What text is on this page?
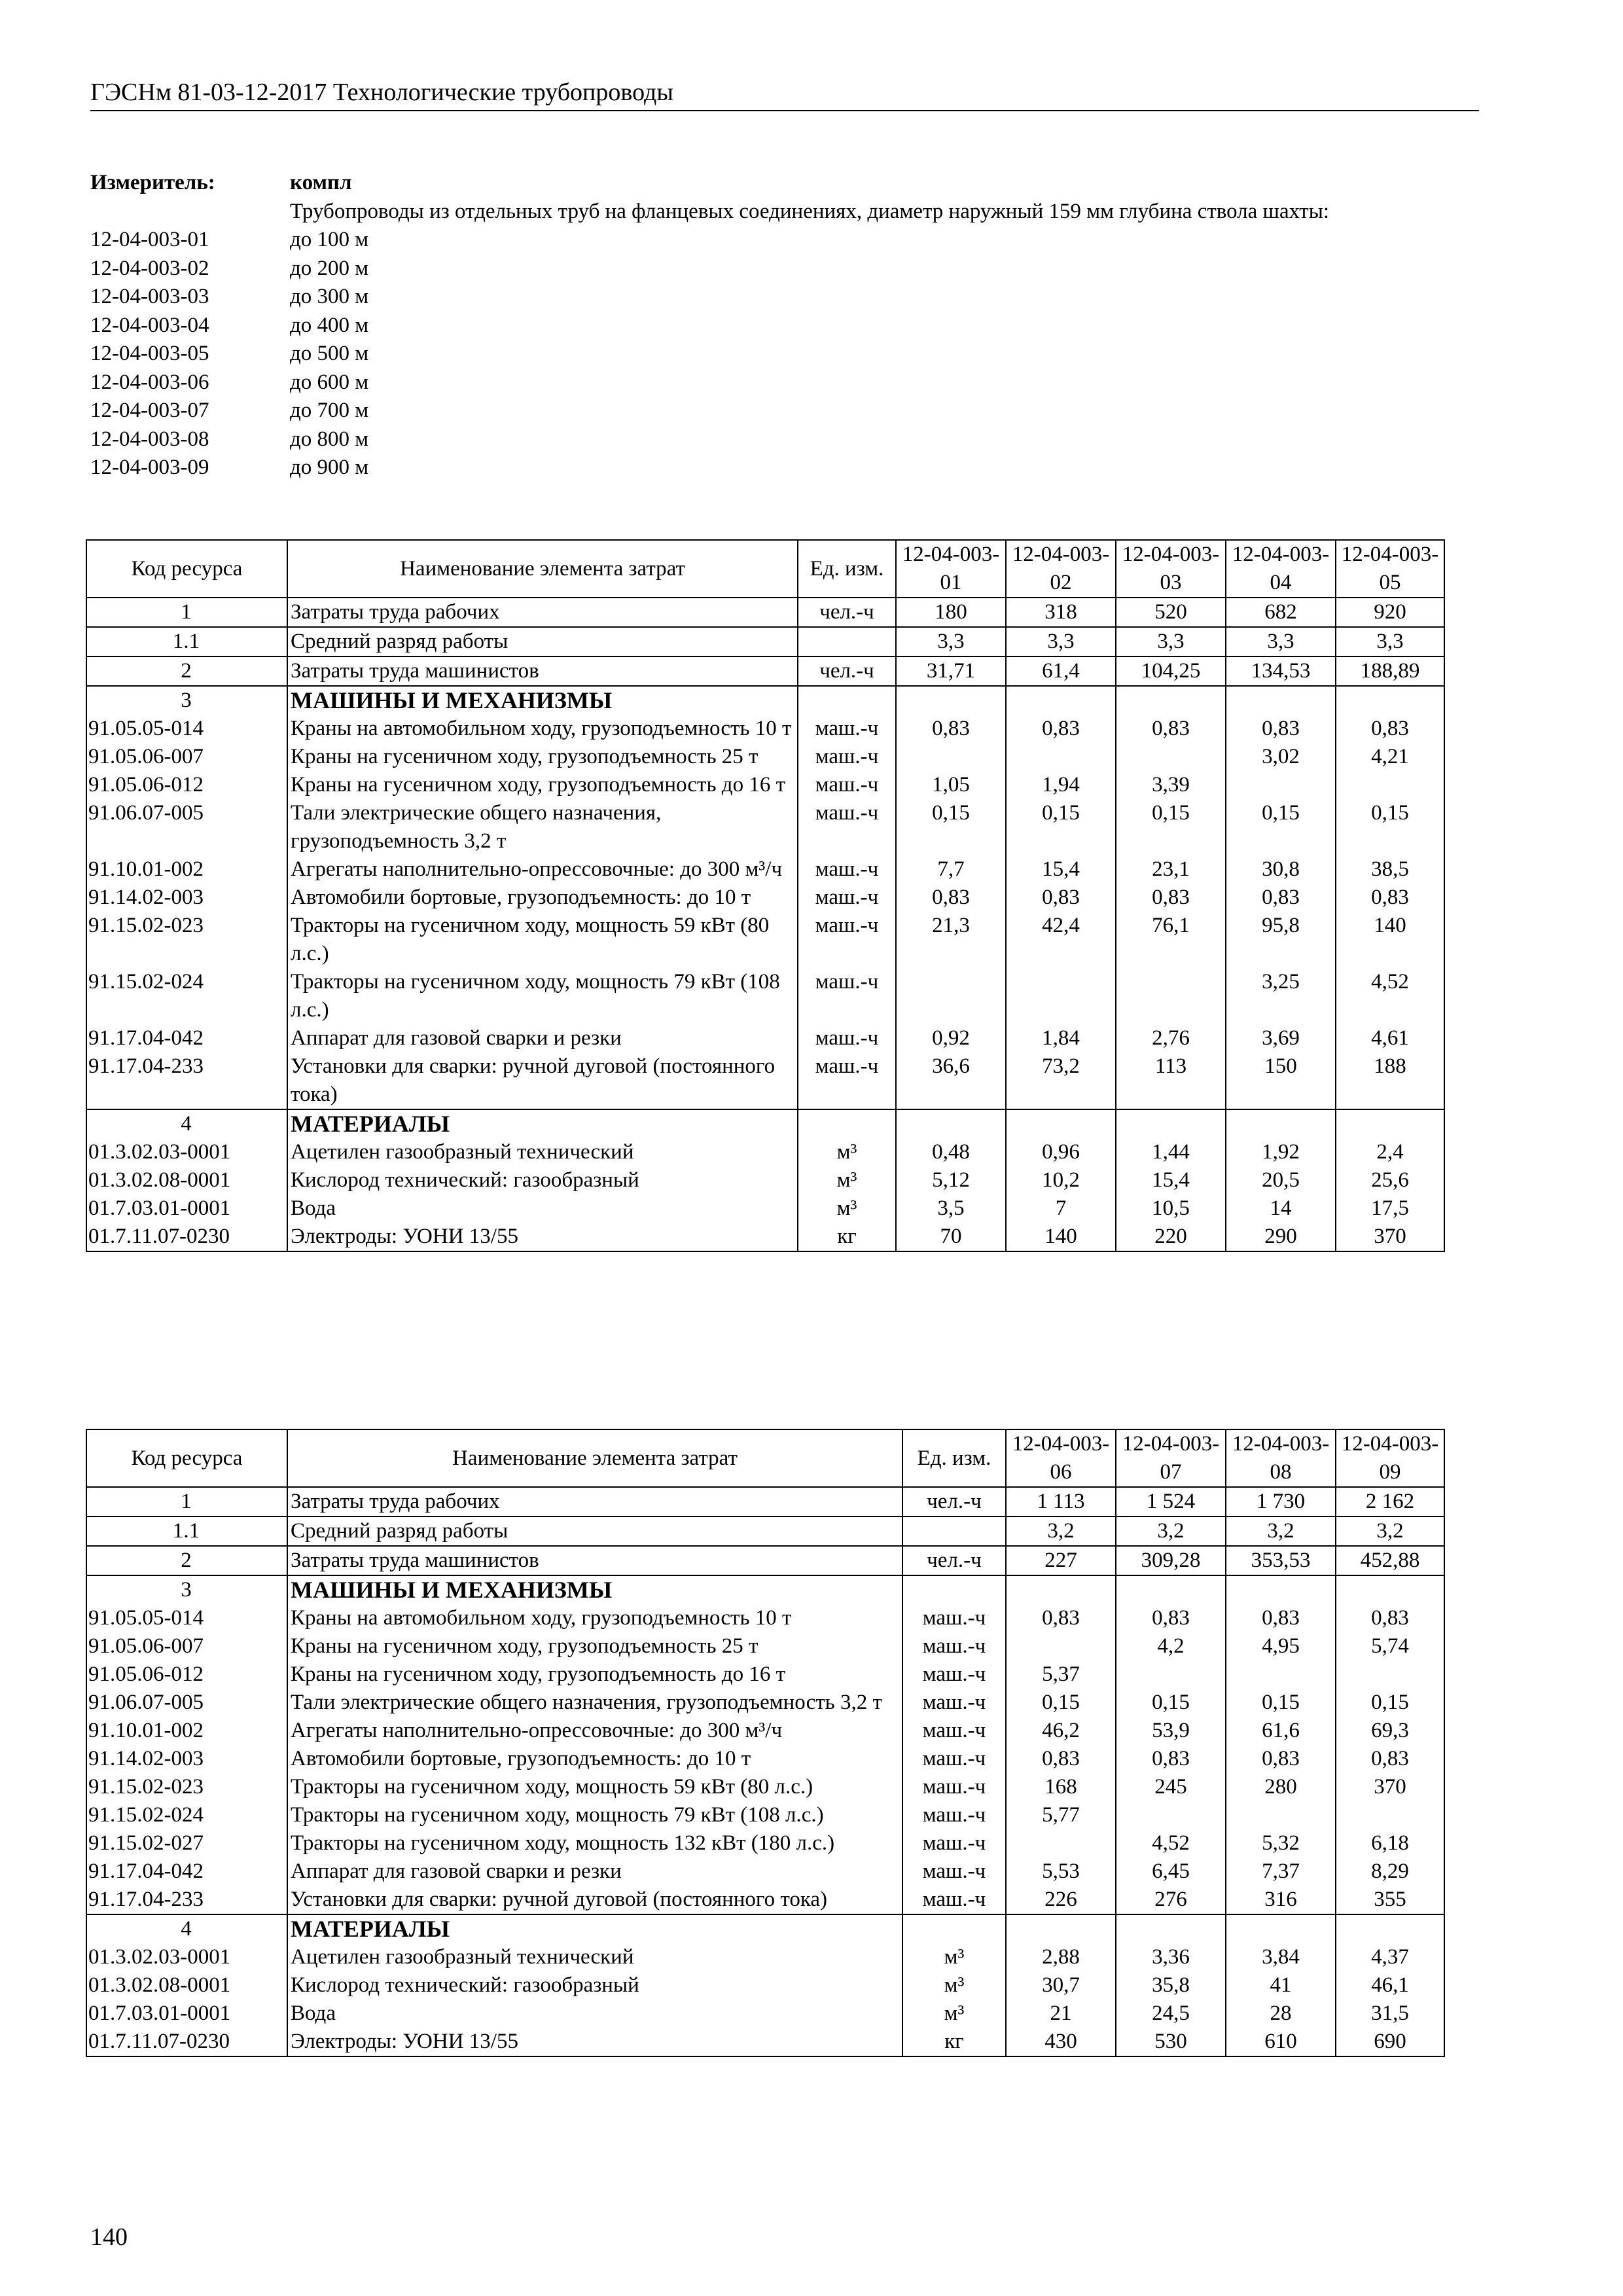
ГЭСНм 81-03-12-2017 Технологические трубопроводы
Измеритель:	компл
Трубопроводы из отдельных труб на фланцевых соединениях, диаметр наружный 159 мм глубина ствола шахты:
12-04-003-01	до 100 м
12-04-003-02	до 200 м
12-04-003-03	до 300 м
12-04-003-04	до 400 м
12-04-003-05	до 500 м
12-04-003-06	до 600 м
12-04-003-07	до 700 м
12-04-003-08	до 800 м
12-04-003-09	до 900 м
Код ресурса	Наименование элемента затрат	Ед. изм.	12-04-003-01	12-04-003-02	12-04-003-03	12-04-003-04	12-04-003-05
1	Затраты труда рабочих	чел.-ч	180	318	520	682	920
1.1	Средний разряд работы		3,3	3,3	3,3	3,3	3,3
2	Затраты труда машинистов	чел.-ч	31,71	61,4	104,25	134,53	188,89
3	МАШИНЫ И МЕХАНИЗМЫ						
91.05.05-014	Краны на автомобильном ходу, грузоподъемность 10 т	маш.-ч	0,83	0,83	0,83	0,83	0,83
91.05.06-007	Краны на гусеничном ходу, грузоподъемность 25 т	маш.-ч				3,02	4,21
91.05.06-012	Краны на гусеничном ходу, грузоподъемность до 16 т	маш.-ч	1,05	1,94	3,39		
91.06.07-005	Тали электрические общего назначения, грузоподъемность 3,2 т	маш.-ч	0,15	0,15	0,15	0,15	0,15
91.10.01-002	Агрегаты наполнительно-опрессовочные: до 300 м³/ч	маш.-ч	7,7	15,4	23,1	30,8	38,5
91.14.02-003	Автомобили бортовые, грузоподъемность: до 10 т	маш.-ч	0,83	0,83	0,83	0,83	0,83
91.15.02-023	Тракторы на гусеничном ходу, мощность 59 кВт (80 л.с.)	маш.-ч	21,3	42,4	76,1	95,8	140
91.15.02-024	Тракторы на гусеничном ходу, мощность 79 кВт (108 л.с.)	маш.-ч				3,25	4,52
91.17.04-042	Аппарат для газовой сварки и резки	маш.-ч	0,92	1,84	2,76	3,69	4,61
91.17.04-233	Установки для сварки: ручной дуговой (постоянного тока)	маш.-ч	36,6	73,2	113	150	188
4	МАТЕРИАЛЫ						
01.3.02.03-0001	Ацетилен газообразный технический	м³	0,48	0,96	1,44	1,92	2,4
01.3.02.08-0001	Кислород технический: газообразный	м³	5,12	10,2	15,4	20,5	25,6
01.7.03.01-0001	Вода	м³	3,5	7	10,5	14	17,5
01.7.11.07-0230	Электроды: УОНИ 13/55	кг	70	140	220	290	370
Код ресурса	Наименование элемента затрат	Ед. изм.	12-04-003-06	12-04-003-07	12-04-003-08	12-04-003-09
1	Затраты труда рабочих	чел.-ч	1 113	1 524	1 730	2 162
1.1	Средний разряд работы		3,2	3,2	3,2	3,2
2	Затраты труда машинистов	чел.-ч	227	309,28	353,53	452,88
3	МАШИНЫ И МЕХАНИЗМЫ					
91.05.05-014	Краны на автомобильном ходу, грузоподъемность 10 т	маш.-ч	0,83	0,83	0,83	0,83
91.05.06-007	Краны на гусеничном ходу, грузоподъемность 25 т	маш.-ч		4,2	4,95	5,74
91.05.06-012	Краны на гусеничном ходу, грузоподъемность до 16 т	маш.-ч	5,37			
91.06.07-005	Тали электрические общего назначения, грузоподъемность 3,2 т	маш.-ч	0,15	0,15	0,15	0,15
91.10.01-002	Агрегаты наполнительно-опрессовочные: до 300 м³/ч	маш.-ч	46,2	53,9	61,6	69,3
91.14.02-003	Автомобили бортовые, грузоподъемность: до 10 т	маш.-ч	0,83	0,83	0,83	0,83
91.15.02-023	Тракторы на гусеничном ходу, мощность 59 кВт (80 л.с.)	маш.-ч	168	245	280	370
91.15.02-024	Тракторы на гусеничном ходу, мощность 79 кВт (108 л.с.)	маш.-ч	5,77			
91.15.02-027	Тракторы на гусеничном ходу, мощность 132 кВт (180 л.с.)	маш.-ч		4,52	5,32	6,18
91.17.04-042	Аппарат для газовой сварки и резки	маш.-ч	5,53	6,45	7,37	8,29
91.17.04-233	Установки для сварки: ручной дуговой (постоянного тока)	маш.-ч	226	276	316	355
4	МАТЕРИАЛЫ					
01.3.02.03-0001	Ацетилен газообразный технический	м³	2,88	3,36	3,84	4,37
01.3.02.08-0001	Кислород технический: газообразный	м³	30,7	35,8	41	46,1
01.7.03.01-0001	Вода	м³	21	24,5	28	31,5
01.7.11.07-0230	Электроды: УОНИ 13/55	кг	430	530	610	690
140
